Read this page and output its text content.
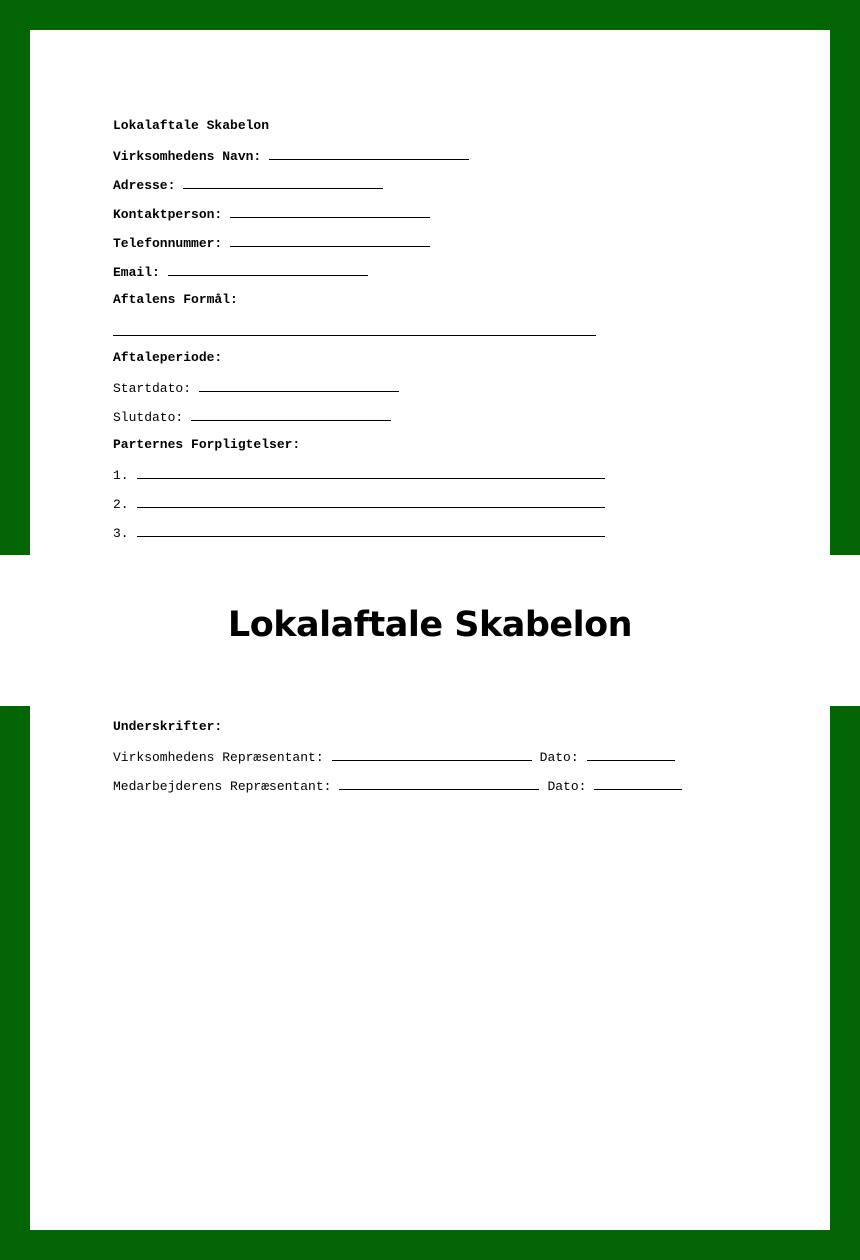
Lokalaftale Skabelon
Virksomhedens Navn:
Adresse:
Kontaktperson:
Telefonnummer:
Email:
Aftalens Formål:
Aftaleperiode:
Startdato:
Slutdato:
Parternes Forpligtelser:
1.
2.
3.
Lokalaftale Skabelon
Underskrifter:
Virksomhedens Repræsentant:	Dato:
Medarbejderens Repræsentant:	Dato:
